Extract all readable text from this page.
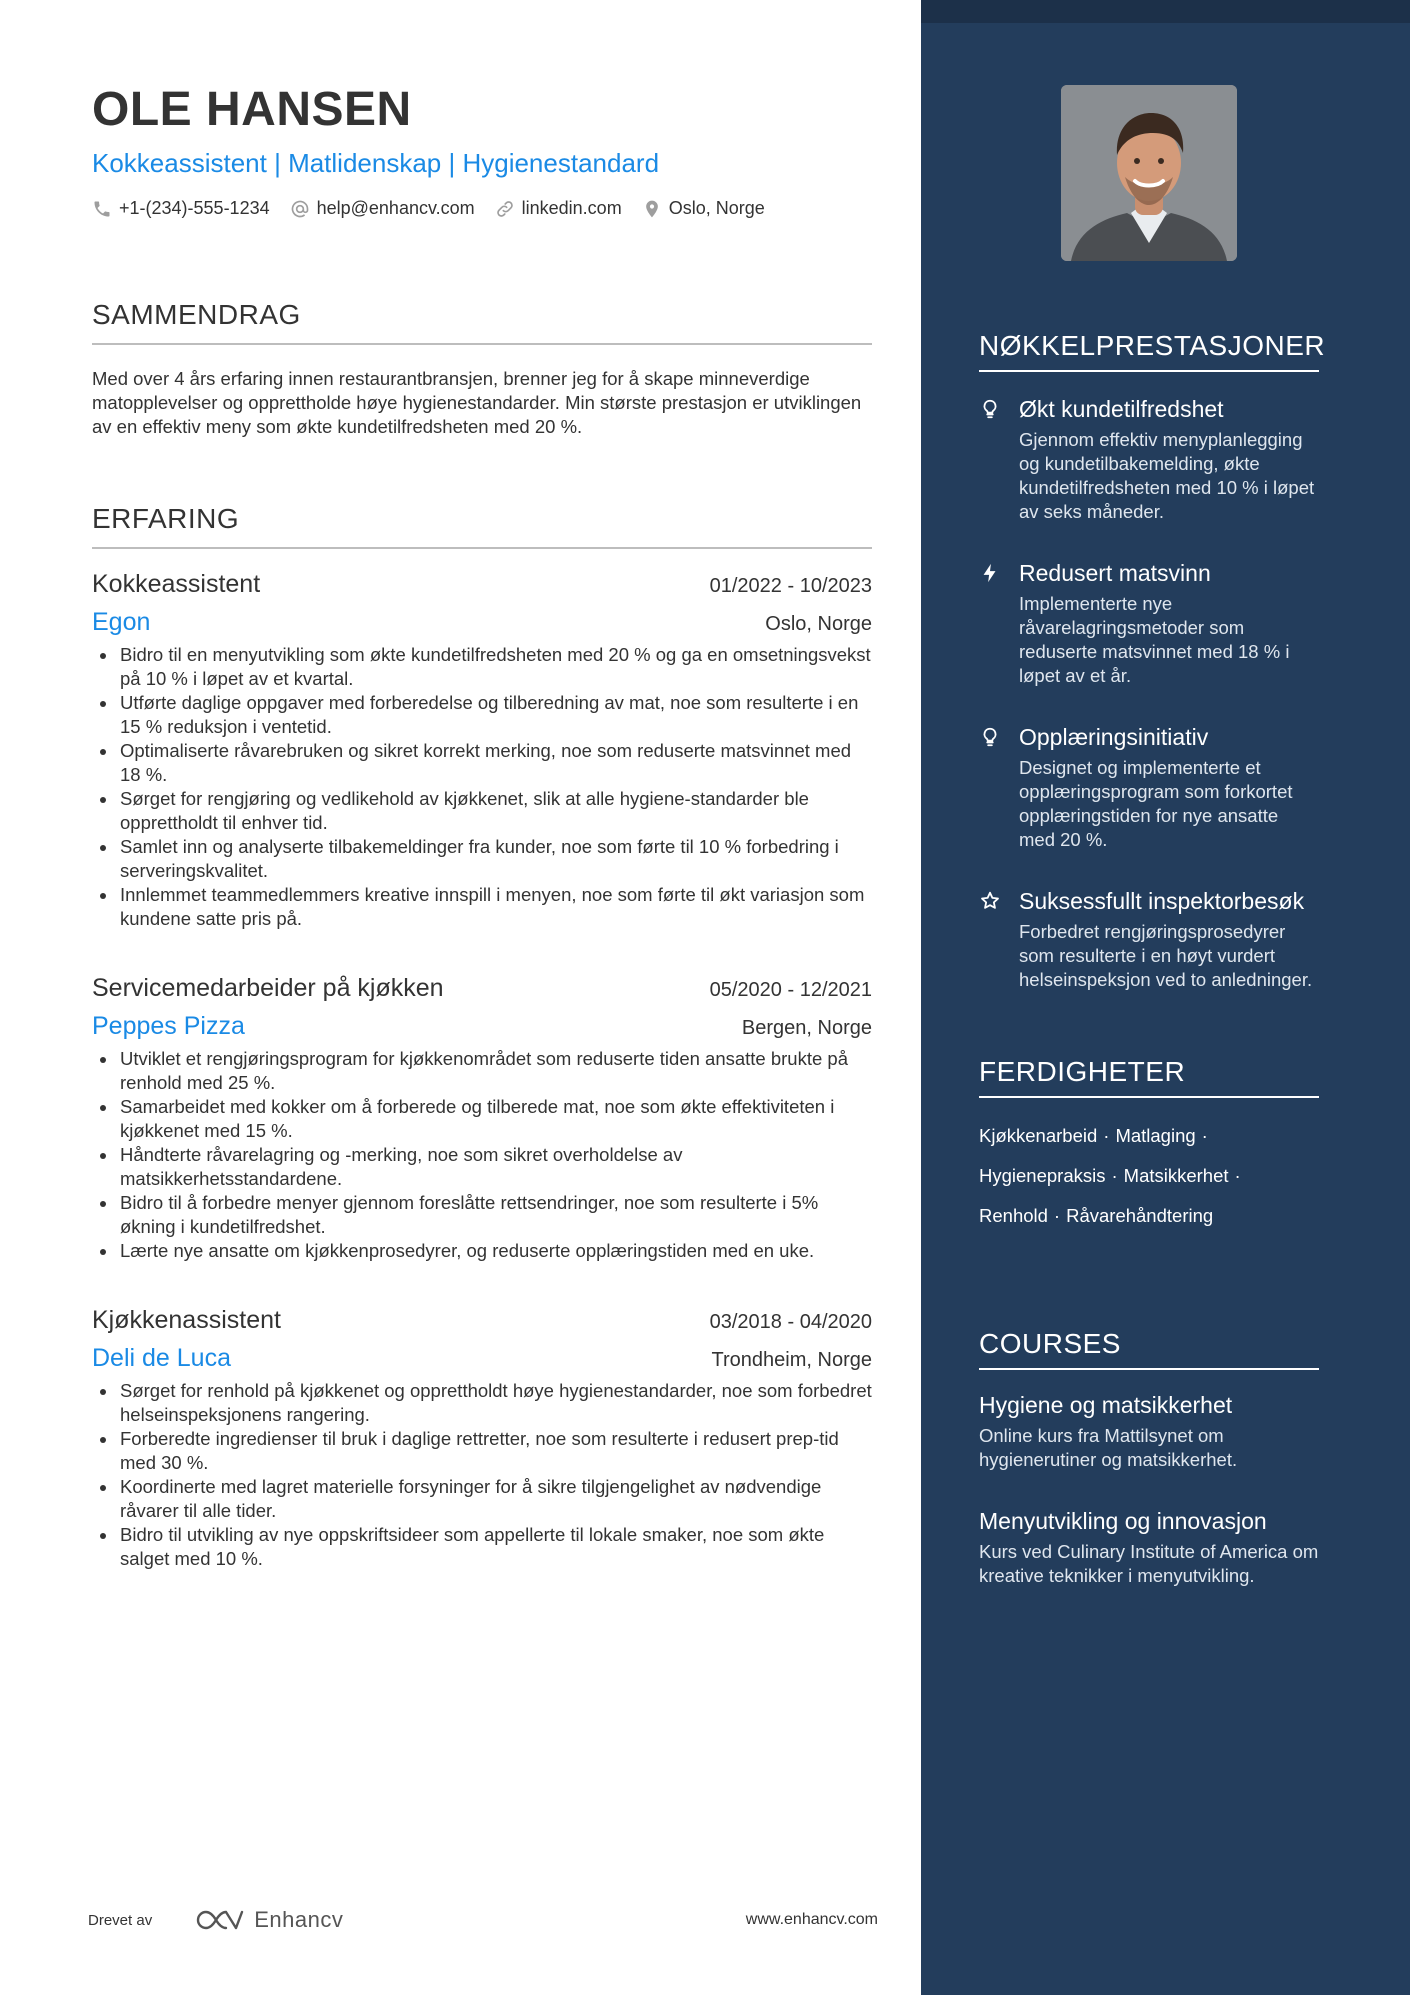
OLE HANSEN
Kokkeassistent | Matlidenskap | Hygienestandard
+1-(234)-555-1234	help@enhancv.com	linkedin.com	Oslo, Norge
SAMMENDRAG

Med over 4 års erfaring innen restaurantbransjen, brenner jeg for å skape minneverdige matopplevelser og opprettholde høye hygienestandarder. Min største prestasjon er utviklingen av en effektiv meny som økte kundetilfredsheten med 20 %.

ERFARING
Kokkeassistent	01/2022 - 10/2023
Egon	Oslo, Norge
Bidro til en menyutvikling som økte kundetilfredsheten med 20 % og ga en omsetningsvekst på 10 % i løpet av et kvartal.
Utførte daglige oppgaver med forberedelse og tilberedning av mat, noe som resulterte i en 15 % reduksjon i ventetid.
Optimaliserte råvarebruken og sikret korrekt merking, noe som reduserte matsvinnet med 18 %.
Sørget for rengjøring og vedlikehold av kjøkkenet, slik at alle hygiene-standarder ble opprettholdt til enhver tid.
Samlet inn og analyserte tilbakemeldinger fra kunder, noe som førte til 10 % forbedring i serveringskvalitet.
Innlemmet teammedlemmers kreative innspill i menyen, noe som førte til økt variasjon som kundene satte pris på.
Servicemedarbeider på kjøkken	05/2020 - 12/2021
Peppes Pizza	Bergen, Norge
Utviklet et rengjøringsprogram for kjøkkenområdet som reduserte tiden ansatte brukte på renhold med 25 %.
Samarbeidet med kokker om å forberede og tilberede mat, noe som økte effektiviteten i kjøkkenet med 15 %.
Håndterte råvarelagring og -merking, noe som sikret overholdelse av matsikkerhetsstandardene.
Bidro til å forbedre menyer gjennom foreslåtte rettsendringer, noe som resulterte i 5% økning i kundetilfredshet.
Lærte nye ansatte om kjøkkenprosedyrer, og reduserte opplæringstiden med en uke.
Kjøkkenassistent	03/2018 - 04/2020
Deli de Luca	Trondheim, Norge
Sørget for renhold på kjøkkenet og opprettholdt høye hygienestandarder, noe som forbedret helseinspeksjonens rangering.
Forberedte ingredienser til bruk i daglige rettretter, noe som resulterte i redusert prep-tid med 30 %.
Koordinerte med lagret materielle forsyninger for å sikre tilgjengelighet av nødvendige råvarer til alle tider.
Bidro til utvikling av nye oppskriftsideer som appellerte til lokale smaker, noe som økte salget med 10 %.
Drevet av	Enhancv	www.enhancv.com
NØKKELPRESTASJONER
Økt kundetilfredshet
Gjennom effektiv menyplanlegging og kundetilbakemelding, økte kundetilfredsheten med 10 % i løpet av seks måneder.
Redusert matsvinn
Implementerte nye råvarelagringsmetoder som reduserte matsvinnet med 18 % i løpet av et år.
Opplæringsinitiativ
Designet og implementerte et opplæringsprogram som forkortet opplæringstiden for nye ansatte med 20 %.
Suksessfullt inspektorbesøk
Forbedret rengjøringsprosedyrer som resulterte i en høyt vurdert helseinspeksjon ved to anledninger.
FERDIGHETER
Kjøkkenarbeid · Matlaging ·
Hygienepraksis · Matsikkerhet ·
Renhold · Råvarehåndtering
COURSES
Hygiene og matsikkerhet
Online kurs fra Mattilsynet om hygienerutiner og matsikkerhet.
Menyutvikling og innovasjon
Kurs ved Culinary Institute of America om kreative teknikker i menyutvikling.
